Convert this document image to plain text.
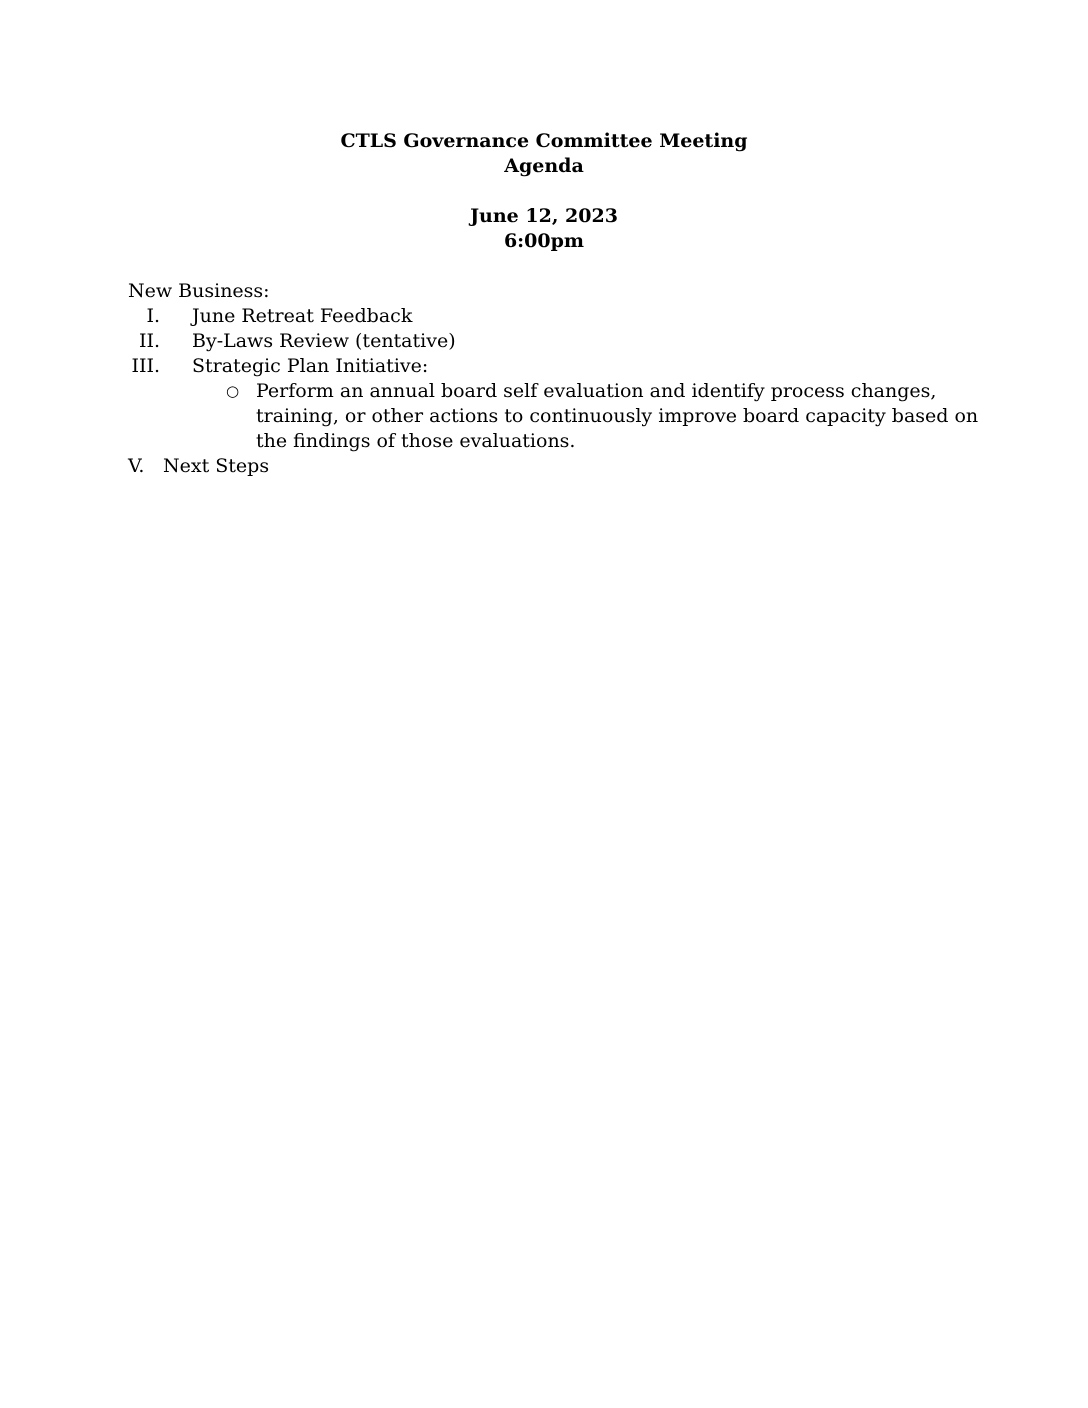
CTLS Governance Committee Meeting
Agenda
June 12, 2023
6:00pm
New Business:
I. June Retreat Feedback
II. By-Laws Review (tentative)
III. Strategic Plan Initiative:
○ Perform an annual board self evaluation and identify process changes,
training, or other actions to continuously improve board capacity based on
the findings of those evaluations.
V. Next Steps
